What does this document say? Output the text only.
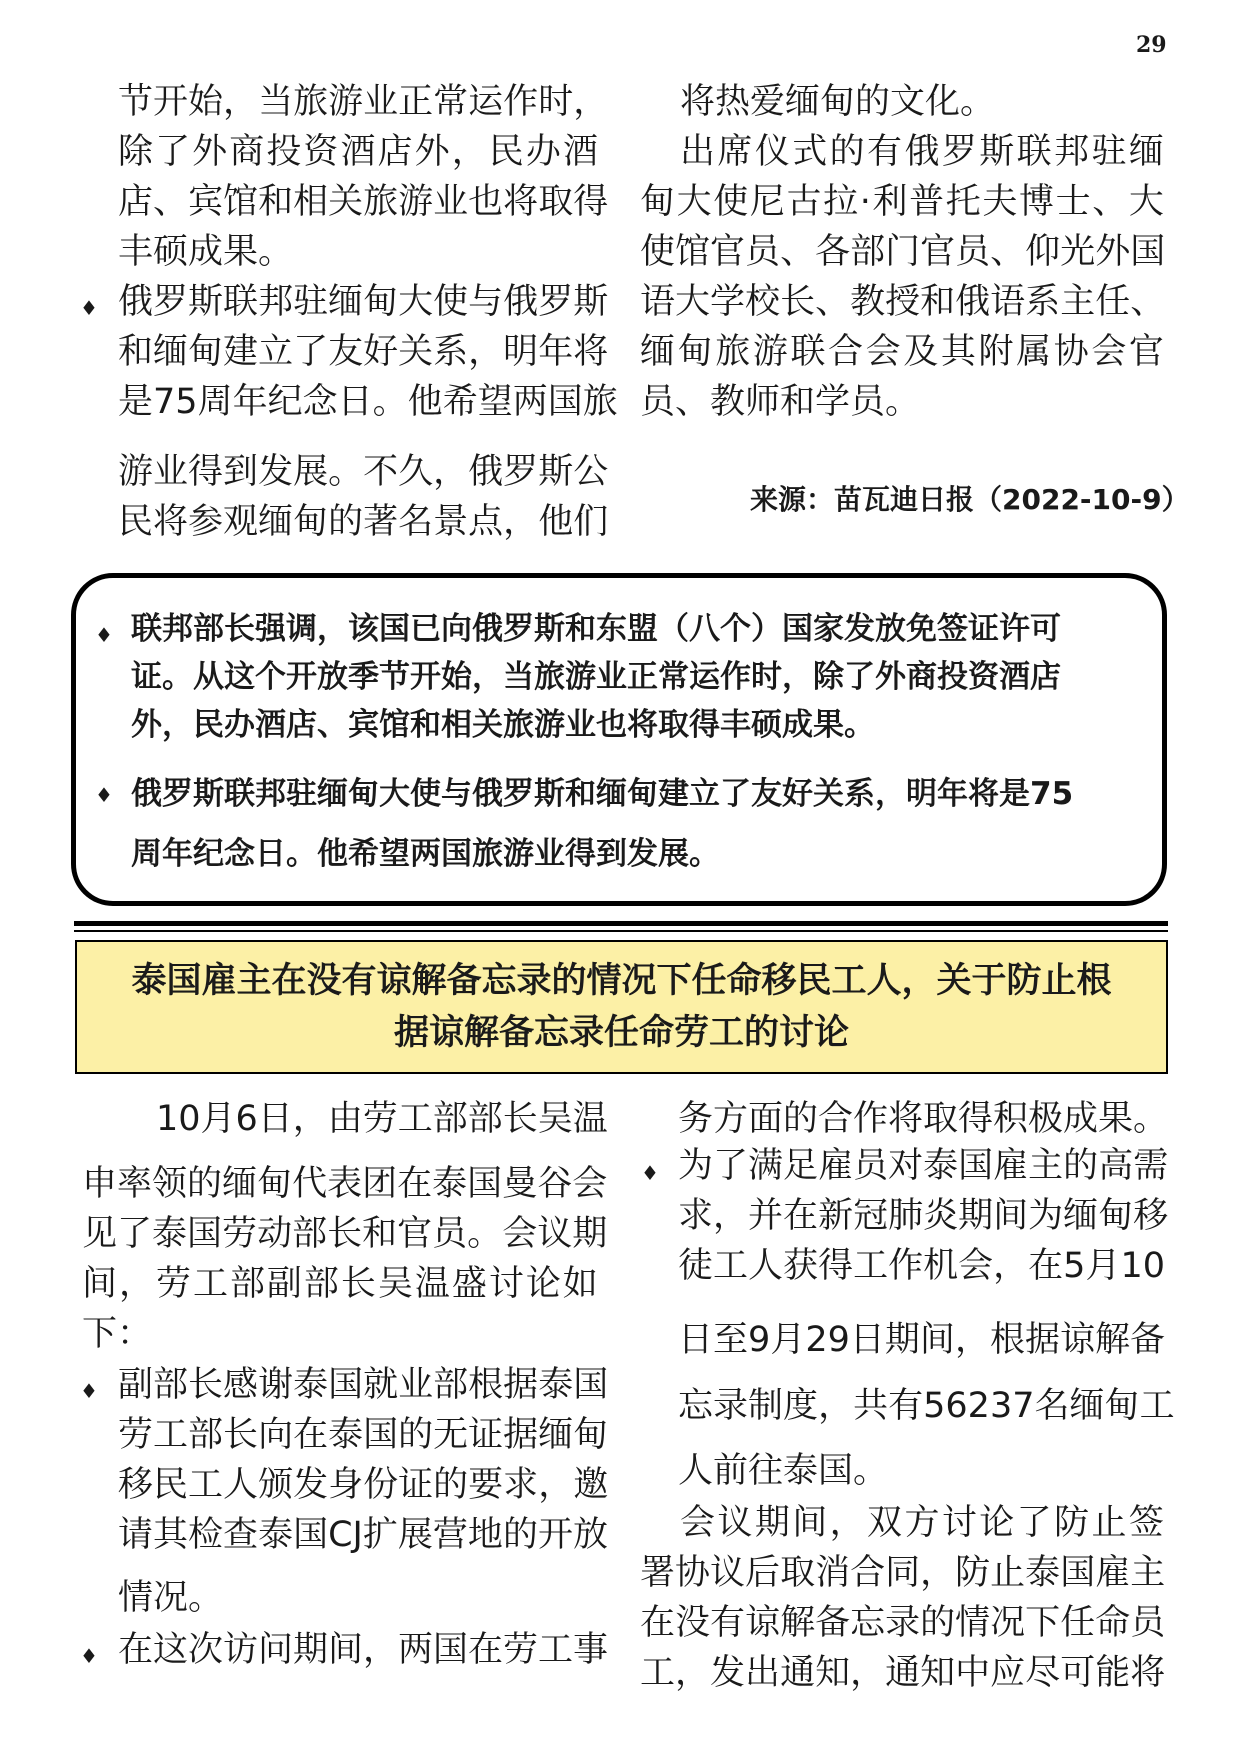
29
节 开 始 ， 当 旅 游 业 正 常 运 作 时 ，
除 了 外 商 投 资 酒 店 外 ， 民 办 酒
店 、 宾 馆 和 相 关 旅 游 业 也 将 取 得
丰硕成果。
♦ 俄 罗 斯 联 邦 驻 缅 甸 大 使 与 俄 罗 斯
和 缅 甸 建 立 了 友 好 关 系 ， 明 年 将
是 7 5 周 年 纪 念 日 。 他 希 望 两 国 旅
游 业 得 到 发 展 。 不 久 ， 俄 罗 斯 公
民 将 参 观 缅 甸 的 著 名 景 点 ， 他 们
将热爱缅甸的文化。
出 席 仪 式 的 有 俄 罗 斯 联 邦 驻 缅
甸 大 使 尼 古 拉 · 利 普 托 夫 博 士 、 大
使 馆 官 员 、 各 部 门 官 员 、 仰 光 外 国
语 大 学 校 长 、 教 授 和 俄 语 系 主 任 、
缅 甸 旅 游 联 合 会 及 其 附 属 协 会 官
员、教师和学员。
来源：苗瓦迪日报（2022-10-9）
♦ 联邦部长强调，该国已向俄罗斯和东盟（八个）国家发放免签证许可
证。从这个开放季节开始，当旅游业正常运作时，除了外商投资酒店
外，民办酒店、宾馆和相关旅游业也将取得丰硕成果。
♦ 俄罗斯联邦驻缅甸大使与俄罗斯和缅甸建立了友好关系，明年将是75
周年纪念日。他希望两国旅游业得到发展。
泰国雇主在没有谅解备忘录的情况下任命移民工人，关于防止根
据谅解备忘录任命劳工的讨论
10月6日，由劳工部部长吴温
申 率 领 的 缅 甸 代 表 团 在 泰 国 曼 谷 会
见 了 泰 国 劳 动 部 长 和 官 员 。 会 议 期
间 ， 劳 工 部 副 部 长 吴 温 盛 讨 论 如
下：
♦ 副 部 长 感 谢 泰 国 就 业 部 根 据 泰 国
劳 工 部 长 向 在 泰 国 的 无 证 据 缅 甸
移 民 工 人 颁 发 身 份 证 的 要 求 ， 邀
请 其 检 查 泰 国 C J 扩 展 营 地 的 开 放
情况。
♦ 在这次访问期间，两国在劳工事
务方面的合作将取得积极成果。
♦ 为 了 满 足 雇 员 对 泰 国 雇 主 的 高 需
求 ， 并 在 新 冠 肺 炎 期 间 为 缅 甸 移
徒 工 人 获 得 工 作 机 会 ， 在 5 月 1 0
日 至 9 月 2 9 日 期 间 ， 根 据 谅 解 备
忘 录 制 度 ， 共 有 5 6 2 3 7 名 缅 甸 工
人前往泰国。
会 议 期 间 ， 双 方 讨 论 了 防 止 签
署 协 议 后 取 消 合 同 ， 防 止 泰 国 雇 主
在 没 有 谅 解 备 忘 录 的 情 况 下 任 命 员
工 ， 发 出 通 知 ， 通 知 中 应 尽 可 能 将
